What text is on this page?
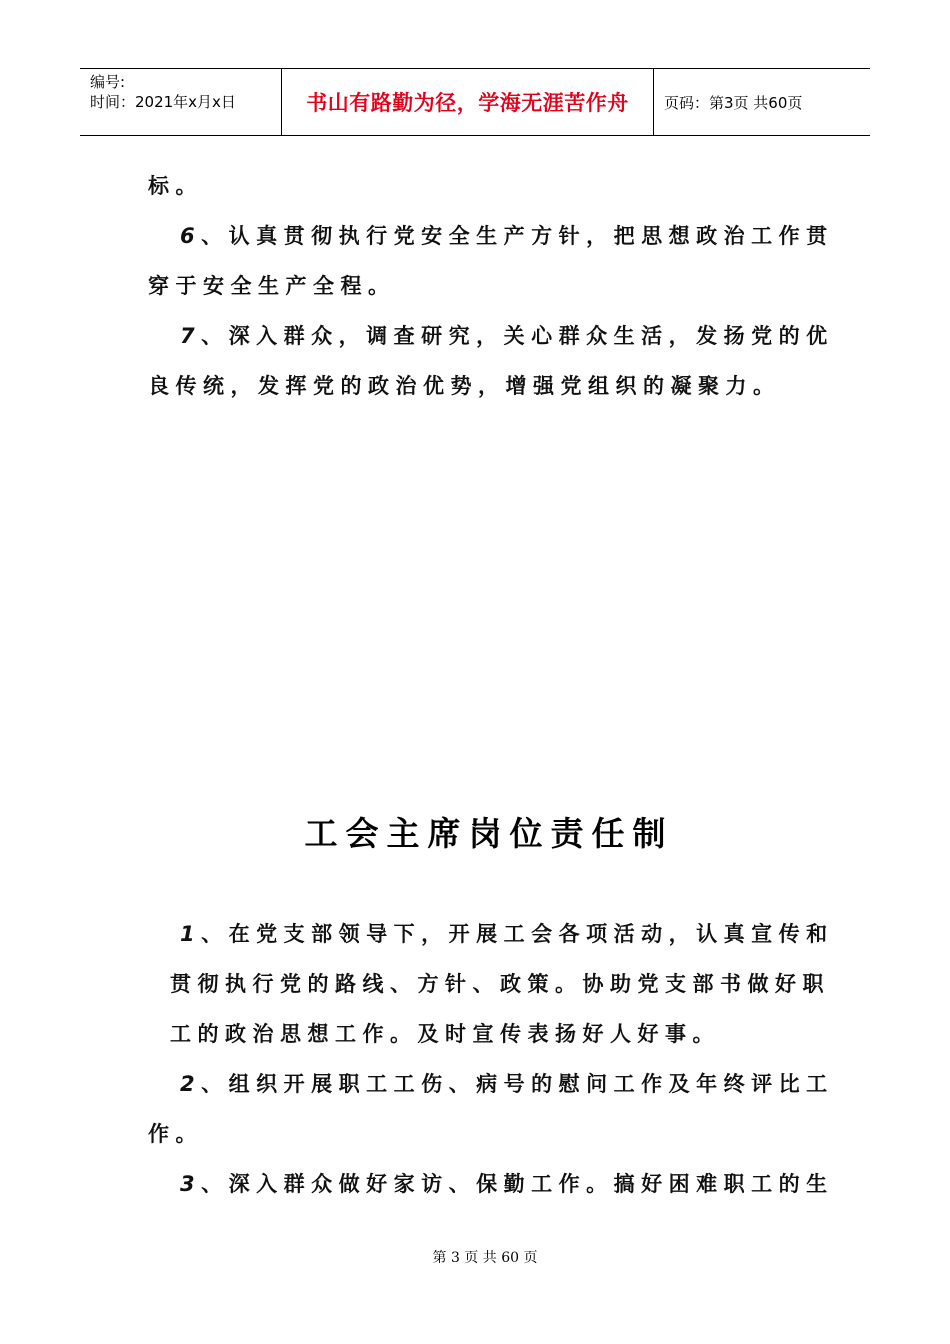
编号:
时间：2021年x月x日	书山有路勤为径，学海无涯苦作舟 页码：第3页 共60页
标。
6、认真贯彻执行党安全生产方针，把思想政治工作贯
穿于安全生产全程。
7、深入群众，调查研究，关心群众生活，发扬党的优
良传统，发挥党的政治优势，增强党组织的凝聚力。
工会主席岗位责任制
1、在党支部领导下，开展工会各项活动，认真宣传和
贯彻执行党的路线、方针、政策。协助党支部书做好职
工的政治思想工作。及时宣传表扬好人好事。
2、组织开展职工工伤、病号的慰问工作及年终评比工
作。
3、深入群众做好家访、保勤工作。搞好困难职工的生
第 3 页 共 60 页
